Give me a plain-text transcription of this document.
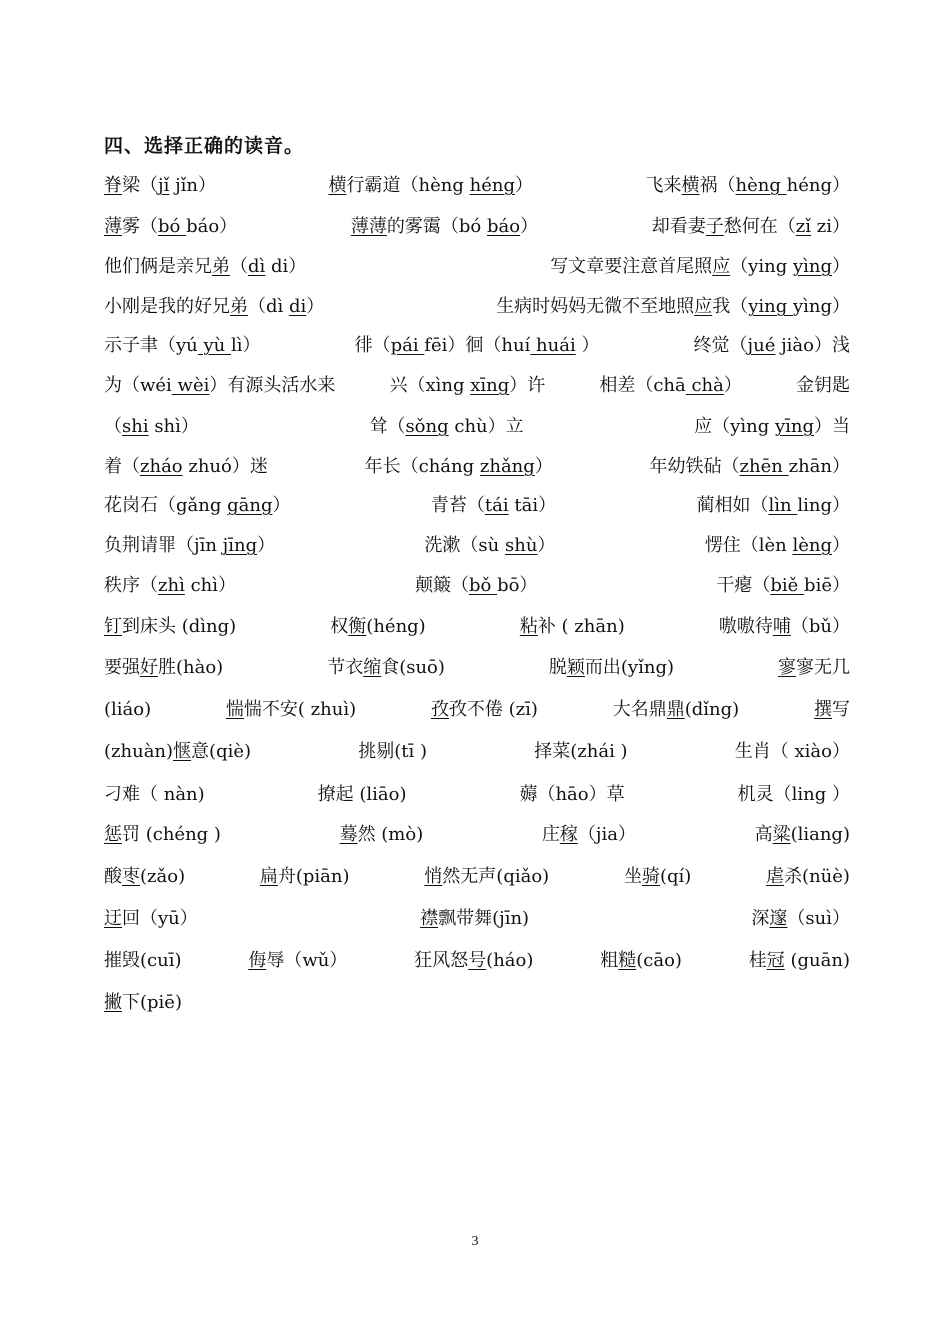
四、选择正确的读音。
脊梁（jǐ jǐn）	横行霸道（hèng héng）	飞来横祸（hèng héng）
薄雾（bó báo）	薄薄的雾霭（bó báo）	却看妻子愁何在（zǐ zi）
他们俩是亲兄弟（dì di）	写文章要注意首尾照应（ying yìng）
小刚是我的好兄弟（dì di）	生病时妈妈无微不至地照应我（ying yìng）
示子聿（yú yù lì）	徘（pái fēi）徊（huí huái ）	终觉（jué jiào）浅
为（wéi wèi）有源头活水来	兴（xìng xīng）许	相差（chā chà）	金钥匙
（shi shì）	耸（sǒng chù）立	应（yìng yīng）当
着（zháo zhuó）迷	年长（cháng zhǎng）	年幼铁砧（zhēn zhān）
花岗石（gǎng gāng）	青苔（tái tāi）	蔺相如（lìn ling）
负荆请罪（jīn jīng）	洗漱（sù shù）	愣住（lèn lèng）
秩序（zhì chì）	颠簸（bǒ bō）	干瘪（biě biē）
钉到床头 (dìng)	权衡(héng)	粘补 ( zhān)	嗷嗷待哺（bǔ）
要强好胜(hào)	节衣缩食(suō)	脱颖而出(yǐng)	寥寥无几
(liáo)	惴惴不安( zhuì)	孜孜不倦 (zī)	大名鼎鼎(dǐng)	撰写
(zhuàn)惬意(qiè)	挑剔(tī )	择菜(zhái )	生肖（ xiào）
刁难（ nàn)	撩起 (liāo)	薅（hāo）草	机灵（ling ）
惩罚 (chéng )	蓦然 (mò)	庄稼（jia）	高粱(liang)
酸枣(zǎo)	扁舟(piān)	悄然无声(qiǎo)	坐骑(qí)	虐杀(nüè)
迂回（yū）	襟飘带舞(jīn)	深邃（suì）
摧毁(cuī)	侮辱（wǔ）	狂风怒号(háo)	粗糙(cāo)	桂冠 (guān)
撇下(piē)
3
